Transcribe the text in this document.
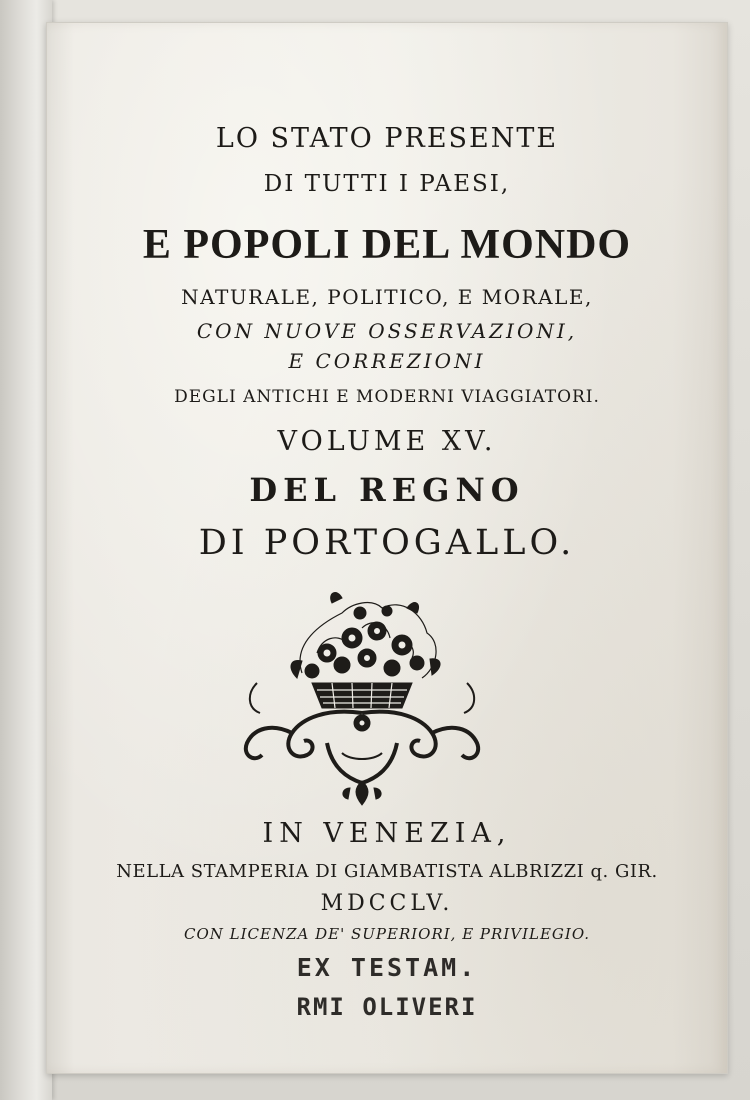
LO STATO PRESENTE
DI TUTTI I PAESI,
E POPOLI DEL MONDO
NATURALE, POLITICO, E MORALE,
CON NUOVE OSSERVAZIONI,
E CORREZIONI
DEGLI ANTICHI E MODERNI VIAGGIATORI.
VOLUME XV.
DEL REGNO
DI PORTOGALLO.
IN VENEZIA,
NELLA STAMPERIA DI GIAMBATISTA ALBRIZZI q. GIR.
MDCCLV.
CON LICENZA DE' SUPERIORI, E PRIVILEGIO.
EX TESTAM.
RMI OLIVERI
